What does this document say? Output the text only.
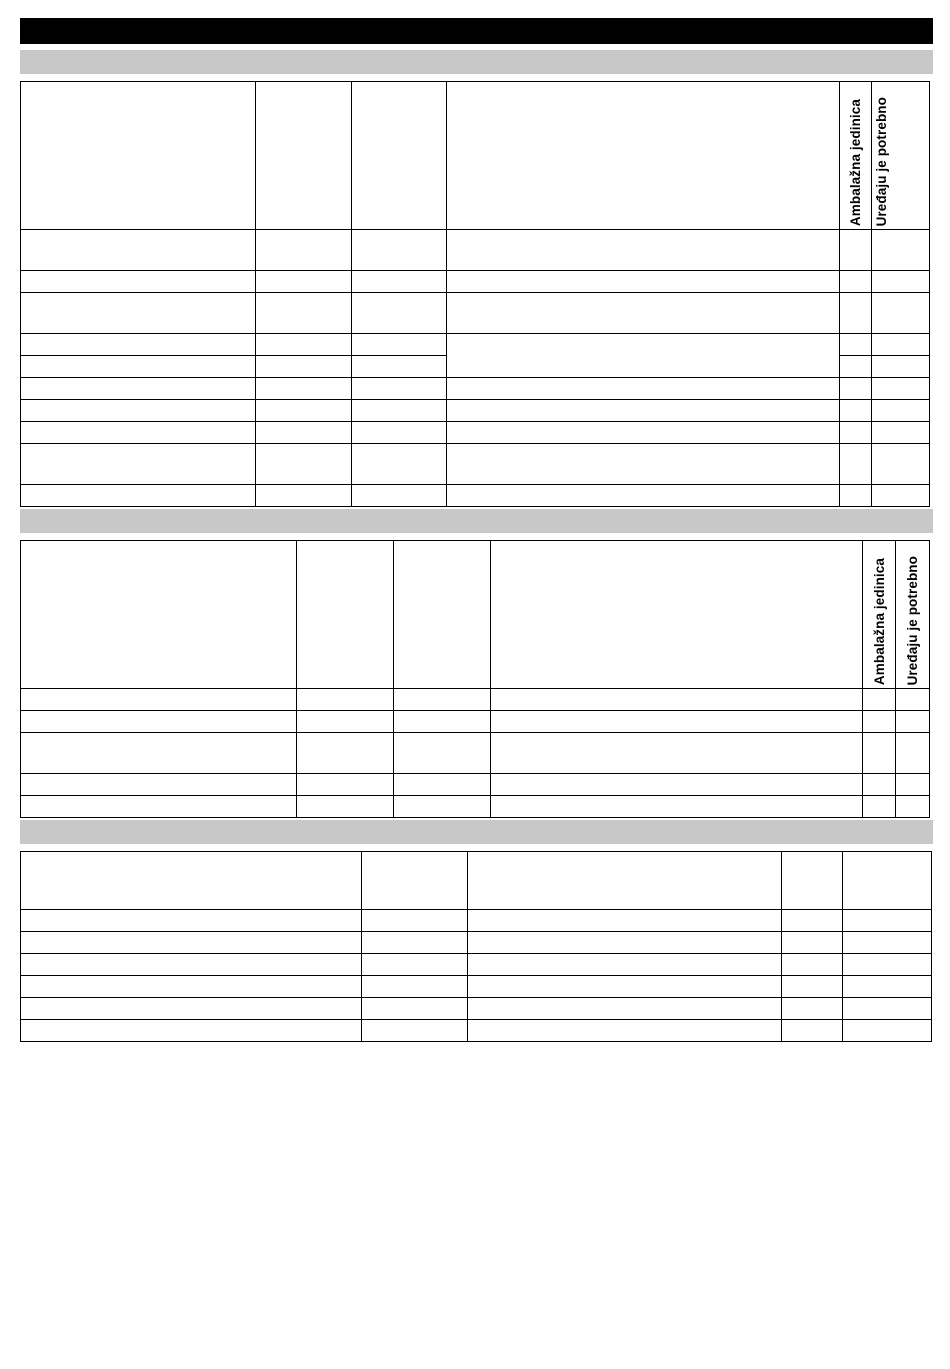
				Ambalažna jedinica	Uređaju je potrebno

				Ambalažna jedinica	Uređaju je potrebno
